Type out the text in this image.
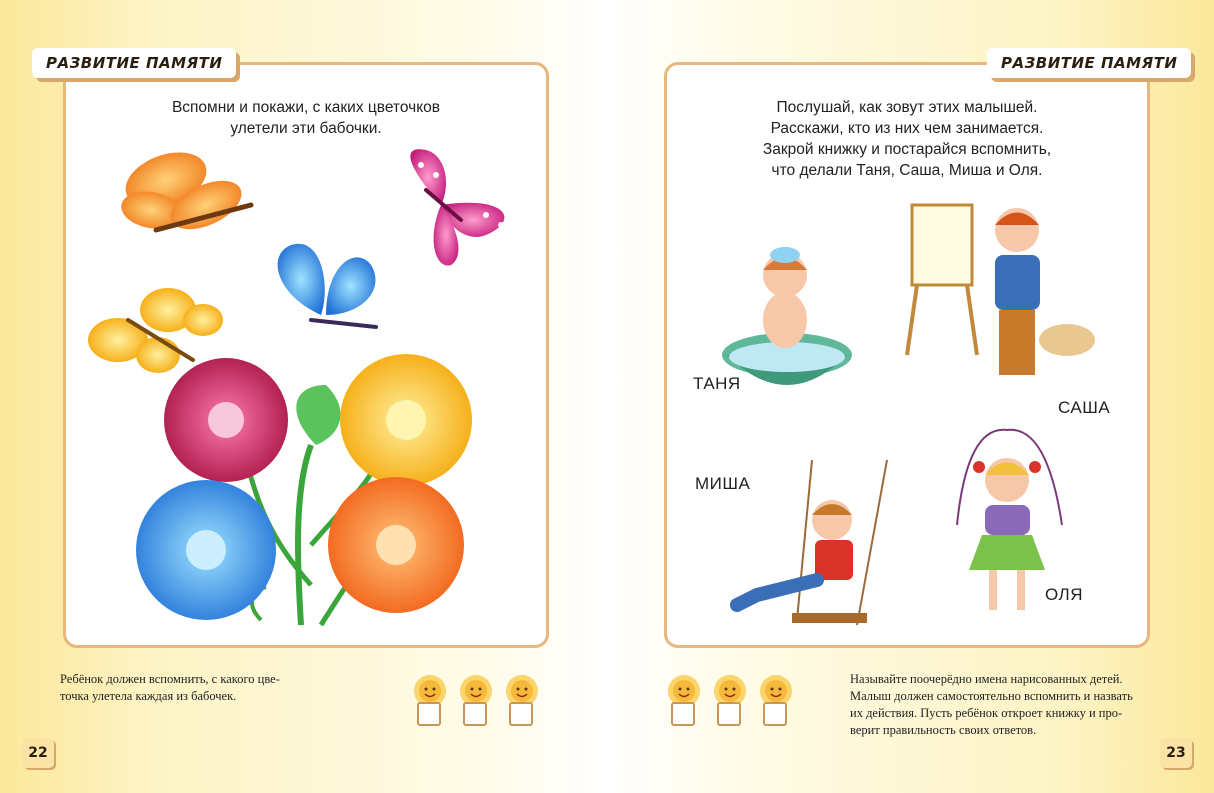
Вспомни и покажи, с каких цветочков
улетели эти бабочки.
РАЗВИТИЕ ПАМЯТИ
Ребёнок должен вспомнить, с какого цве-
точка улетела каждая из бабочек.
22
Послушай, как зовут этих малышей.
Расскажи, кто из них чем занимается.
Закрой книжку и постарайся вспомнить,
что делали Таня, Саша, Миша и Оля.
ТАНЯ
САША
МИША
ОЛЯ
РАЗВИТИЕ ПАМЯТИ
Называйте поочерёдно имена нарисованных детей.
Малыш должен самостоятельно вспомнить и назвать
их действия. Пусть ребёнок откроет книжку и про-
верит правильность своих ответов.
23
